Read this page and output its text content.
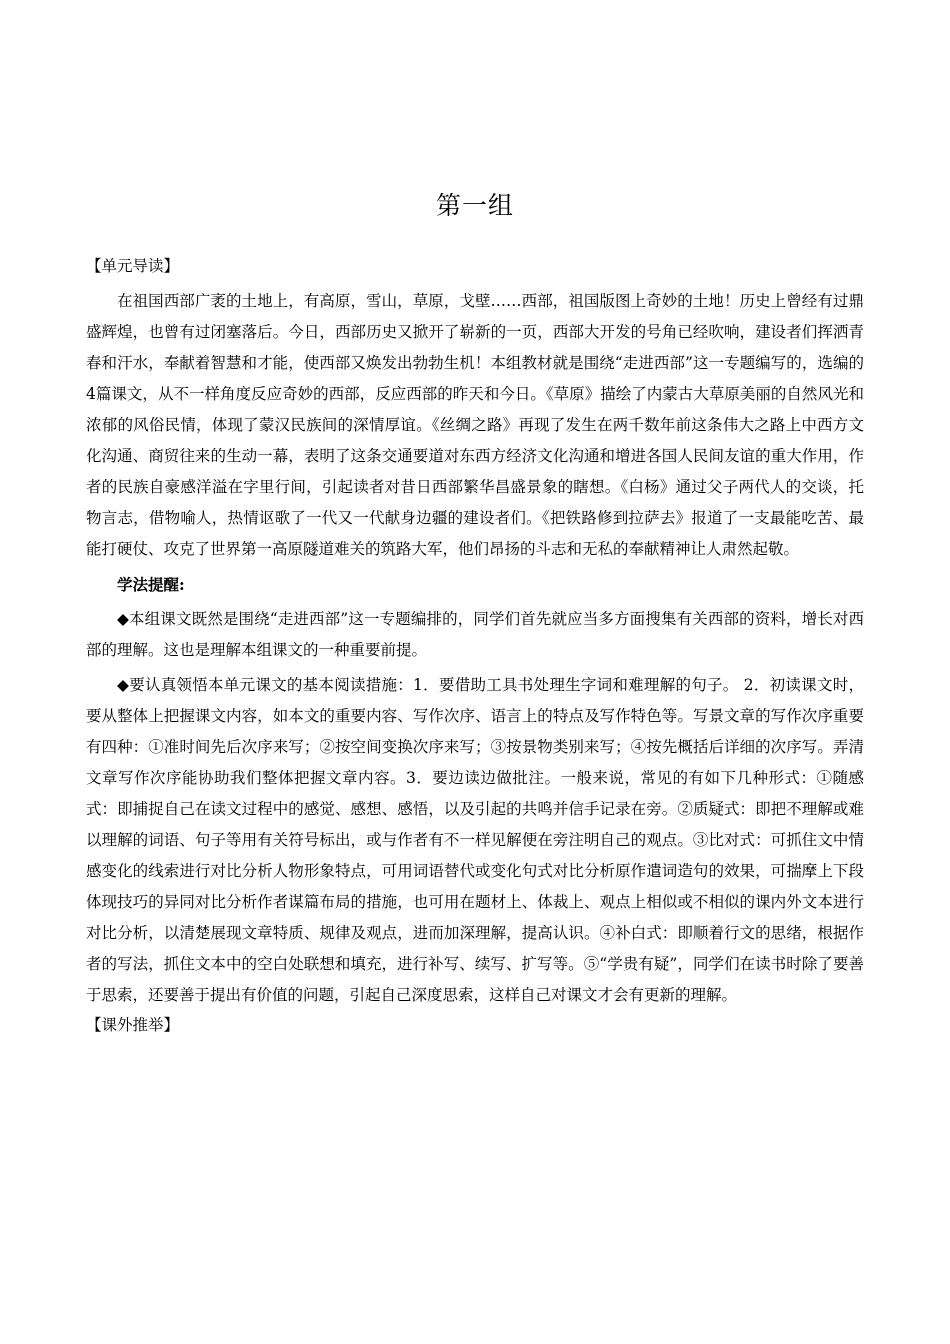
第一组
【单元导读】

在祖国西部广袤的土地上，有高原，雪山，草原，戈壁……西部，祖国版图上奇妙的土地！历史上曾经有过鼎盛辉煌，也曾有过闭塞落后。今日，西部历史又掀开了崭新的一页，西部大开发的号角已经吹响，建设者们挥洒青春和汗水，奉献着智慧和才能，使西部又焕发出勃勃生机！本组教材就是围绕“走进西部”这一专题编写的，选编的4篇课文，从不一样角度反应奇妙的西部，反应西部的昨天和今日。《草原》描绘了内蒙古大草原美丽的自然风光和浓郁的风俗民情，体现了蒙汉民族间的深情厚谊。《丝绸之路》再现了发生在两千数年前这条伟大之路上中西方文化沟通、商贸往来的生动一幕，表明了这条交通要道对东西方经济文化沟通和增进各国人民间友谊的重大作用，作者的民族自豪感洋溢在字里行间，引起读者对昔日西部繁华昌盛景象的瞎想。《白杨》通过父子两代人的交谈，托物言志，借物喻人，热情讴歌了一代又一代献身边疆的建设者们。《把铁路修到拉萨去》报道了一支最能吃苦、最能打硬仗、攻克了世界第一高原隧道难关的筑路大军，他们昂扬的斗志和无私的奉献精神让人肃然起敬。

学法提醒:

◆本组课文既然是围绕“走进西部”这一专题编排的，同学们首先就应当多方面搜集有关西部的资料，增长对西部的理解。这也是理解本组课文的一种重要前提。

◆要认真领悟本单元课文的基本阅读措施：1．要借助工具书处理生字词和难理解的句子。 2．初读课文时，要从整体上把握课文内容，如本文的重要内容、写作次序、语言上的特点及写作特色等。写景文章的写作次序重要有四种：①准时间先后次序来写；②按空间变换次序来写；③按景物类别来写；④按先概括后详细的次序写。弄清文章写作次序能协助我们整体把握文章内容。3．要边读边做批注。一般来说，常见的有如下几种形式：①随感式：即捕捉自己在读文过程中的感觉、感想、感悟，以及引起的共鸣并信手记录在旁。②质疑式：即把不理解或难以理解的词语、句子等用有关符号标出，或与作者有不一样见解便在旁注明自己的观点。③比对式：可抓住文中情感变化的线索进行对比分析人物形象特点，可用词语替代或变化句式对比分析原作遣词造句的效果，可揣摩上下段体现技巧的异同对比分析作者谋篇布局的措施，也可用在题材上、体裁上、观点上相似或不相似的课内外文本进行对比分析，以清楚展现文章特质、规律及观点，进而加深理解，提高认识。④补白式：即顺着行文的思绪，根据作者的写法，抓住文本中的空白处联想和填充，进行补写、续写、扩写等。⑤“学贵有疑”，同学们在读书时除了要善于思索，还要善于提出有价值的问题，引起自己深度思索，这样自己对课文才会有更新的理解。

【课外推举】
